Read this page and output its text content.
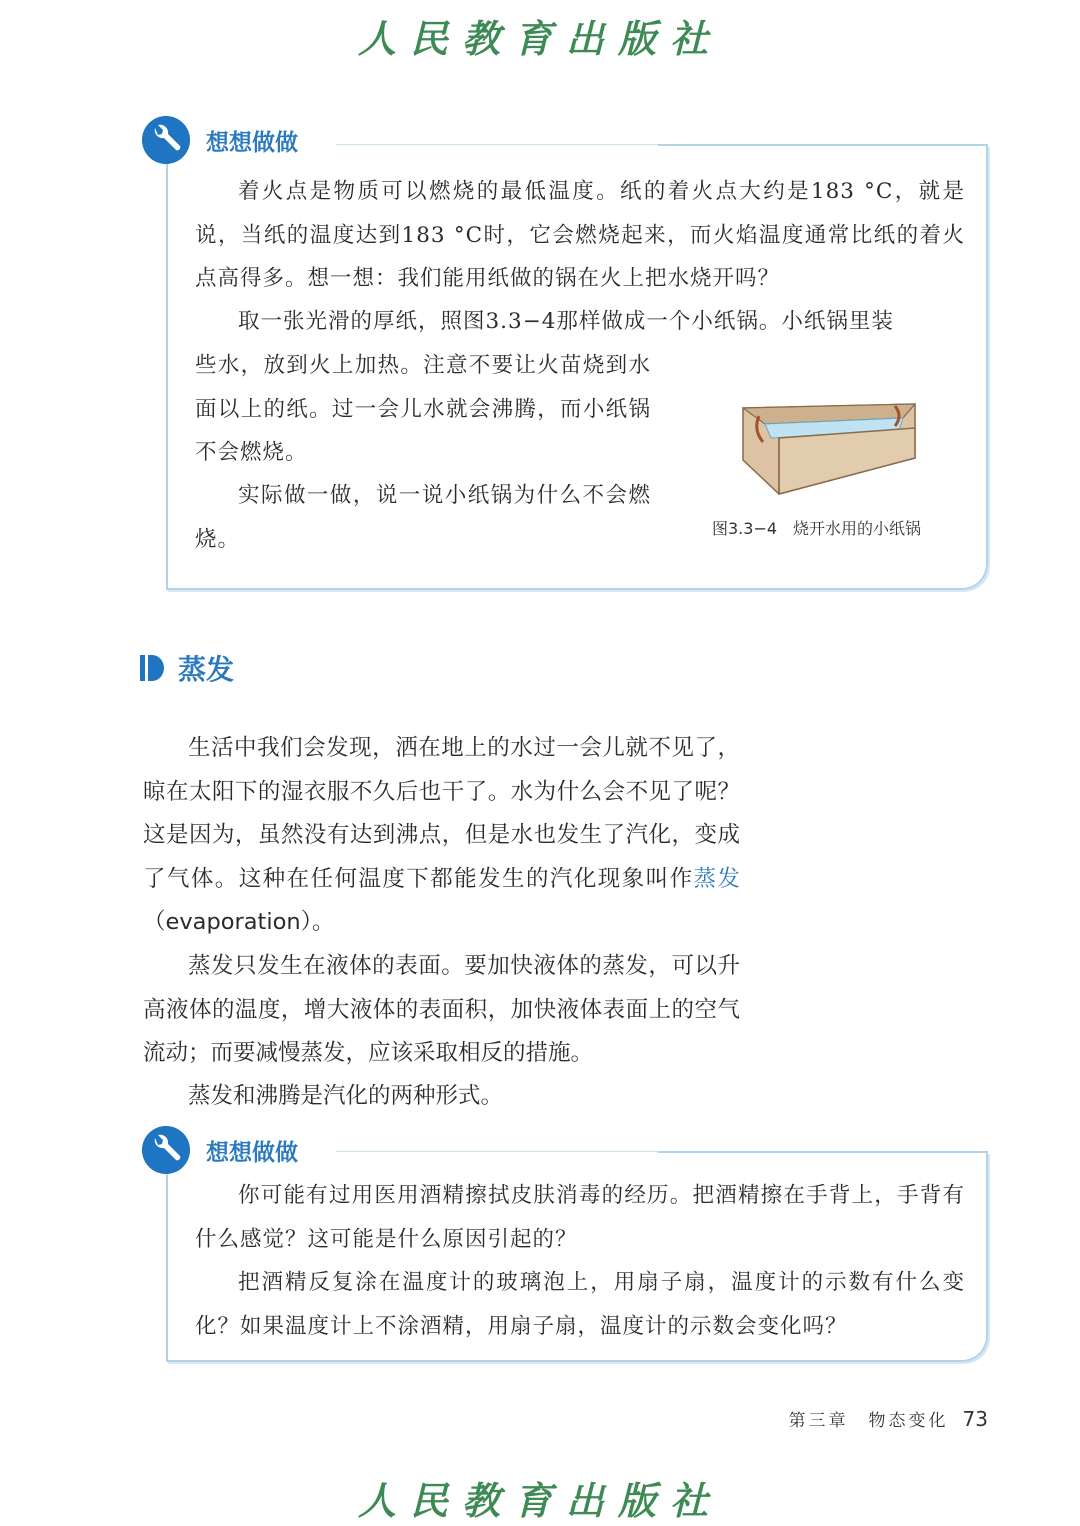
人民教育出版社
想想做做

着火点是物质可以燃烧的最低温度。纸的着火点大约是183 °C，就是说，当纸的温度达到183 °C时，它会燃烧起来，而火焰温度通常比纸的着火点高得多。想一想：我们能用纸做的锅在火上把水烧开吗？

取一张光滑的厚纸，照图3.3−4那样做成一个小纸锅。小纸锅里装

些水，放到火上加热。注意不要让火苗烧到水面以上的纸。过一会儿水就会沸腾，而小纸锅不会燃烧。

实际做一做，说一说小纸锅为什么不会燃烧。	图3.3−4　烧开水用的小纸锅
蒸发

生活中我们会发现，洒在地上的水过一会儿就不见了，晾在太阳下的湿衣服不久后也干了。水为什么会不见了呢？这是因为，虽然没有达到沸点，但是水也发生了汽化，变成了气体。这种在任何温度下都能发生的汽化现象叫作蒸发（evaporation）。

蒸发只发生在液体的表面。要加快液体的蒸发，可以升高液体的温度，增大液体的表面积，加快液体表面上的空气流动；而要减慢蒸发，应该采取相反的措施。

蒸发和沸腾是汽化的两种形式。

想想做做

你可能有过用医用酒精擦拭皮肤消毒的经历。把酒精擦在手背上，手背有什么感觉？这可能是什么原因引起的？

把酒精反复涂在温度计的玻璃泡上，用扇子扇，温度计的示数有什么变化？如果温度计上不涂酒精，用扇子扇，温度计的示数会变化吗？

第三章　物态变化 73
人民教育出版社
